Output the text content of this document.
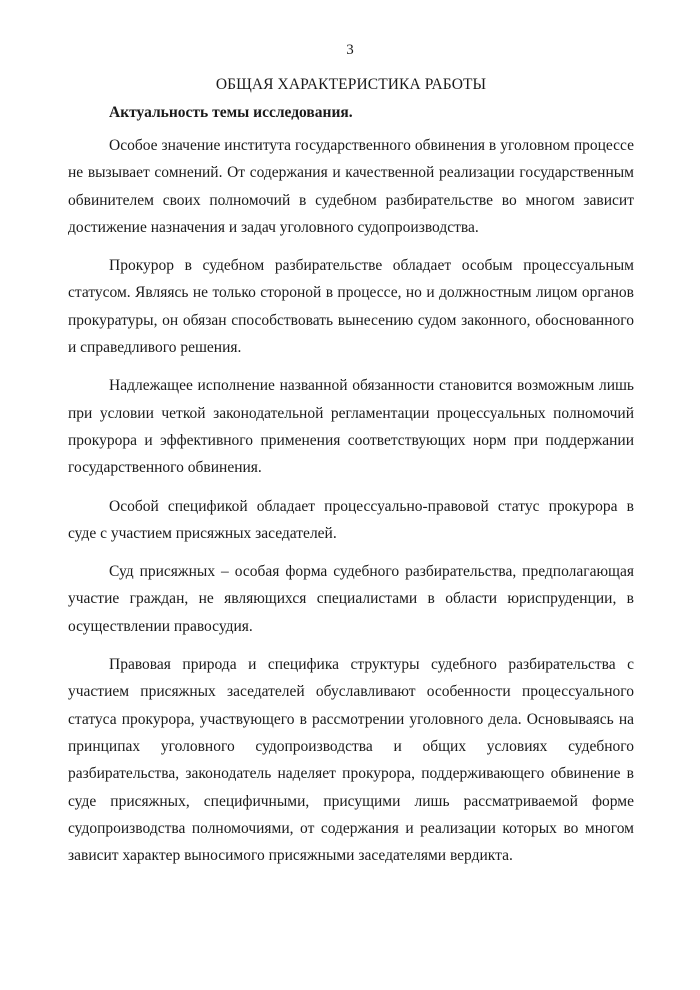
3
ОБЩАЯ ХАРАКТЕРИСТИКА РАБОТЫ
Актуальность темы исследования.

Особое значение института государственного обвинения в уголовном процессе не вызывает сомнений. От содержания и качественной реализации государственным обвинителем своих полномочий в судебном разбирательстве во многом зависит достижение назначения и задач уголовного судопроизводства.

Прокурор в судебном разбирательстве обладает особым процессуальным статусом. Являясь не только стороной в процессе, но и должностным лицом органов прокуратуры, он обязан способствовать вынесению судом законного, обоснованного и справедливого решения.

Надлежащее исполнение названной обязанности становится возможным лишь при условии четкой законодательной регламентации процессуальных полномочий прокурора и эффективного применения соответствующих норм при поддержании государственного обвинения.

Особой спецификой обладает процессуально-правовой статус прокурора в суде с участием присяжных заседателей.

Суд присяжных – особая форма судебного разбирательства, предполагающая участие граждан, не являющихся специалистами в области юриспруденции, в осуществлении правосудия.

Правовая природа и специфика структуры судебного разбирательства с участием присяжных заседателей обуславливают особенности процессуального статуса прокурора, участвующего в рассмотрении уголовного дела. Основываясь на принципах уголовного судопроизводства и общих условиях судебного разбирательства, законодатель наделяет прокурора, поддерживающего обвинение в суде присяжных, специфичными, присущими лишь рассматриваемой форме судопроизводства полномочиями, от содержания и реализации которых во многом зависит характер выносимого присяжными заседателями вердикта.
